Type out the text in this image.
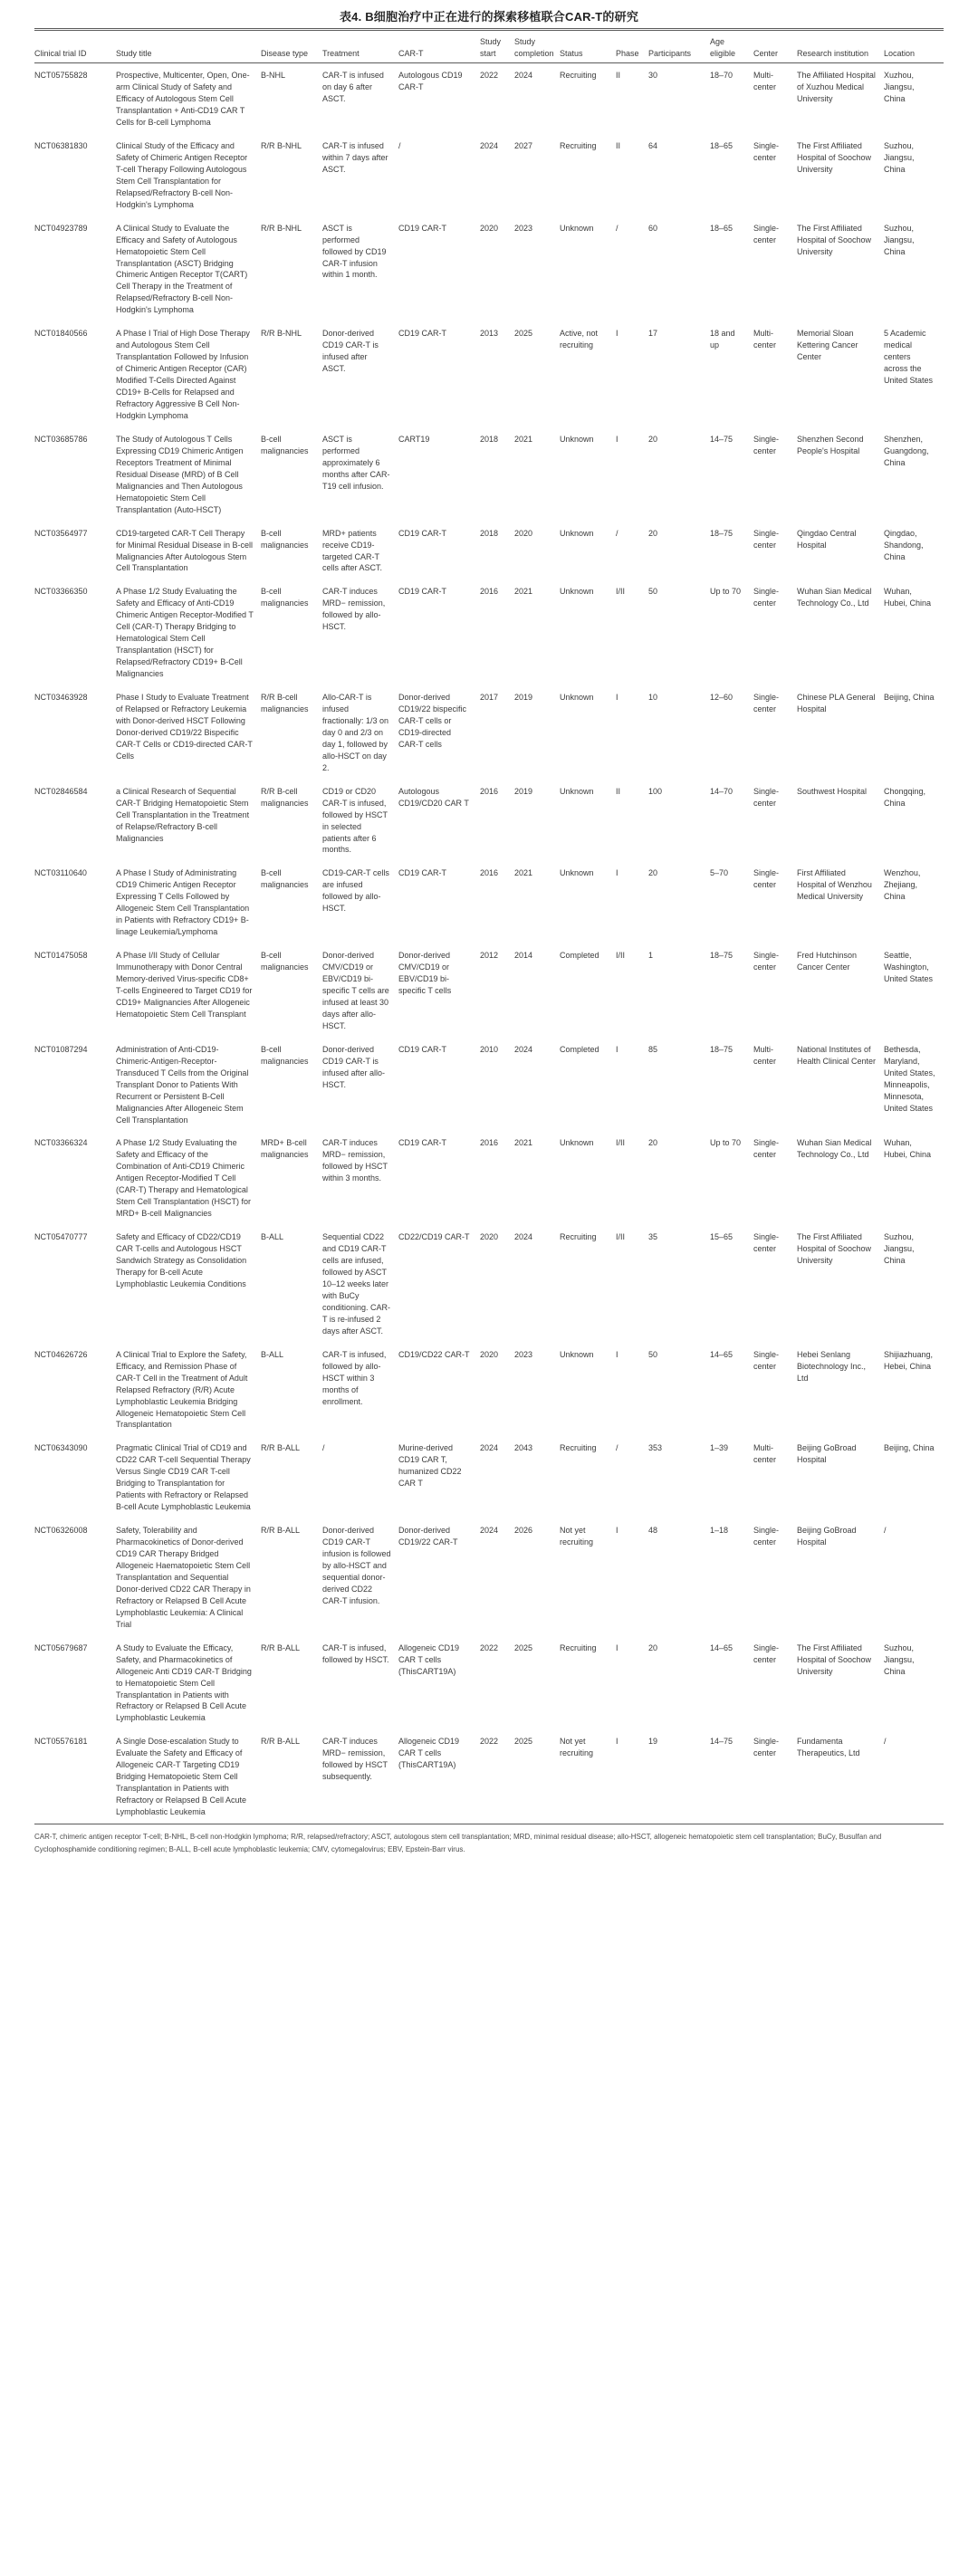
表4. B细胞治疗中正在进行的探索移植联合CAR-T的研究
Clinical trial ID	Study title	Disease type	Treatment	CAR-T	Study start	Study completion	Status	Phase	Participants	Age eligible	Center	Research institution	Location
NCT05755828	Prospective, Multicenter, Open, One-arm Clinical Study of Safety and Efficacy of Autologous Stem Cell Transplantation + Anti-CD19 CAR T Cells for B-cell Lymphoma	B-NHL	CAR-T is infused on day 6 after ASCT.	Autologous CD19 CAR-T	2022	2024	Recruiting	II	30	18–70	Multi-center	The Affiliated Hospital of Xuzhou Medical University	Xuzhou, Jiangsu, China
NCT06381830	Clinical Study of the Efficacy and Safety of Chimeric Antigen Receptor T-cell Therapy Following Autologous Stem Cell Transplantation for Relapsed/Refractory B-cell Non-Hodgkin's Lymphoma	R/R B-NHL	CAR-T is infused within 7 days after ASCT.	/	2024	2027	Recruiting	II	64	18–65	Single-center	The First Affiliated Hospital of Soochow University	Suzhou, Jiangsu, China
NCT04923789	A Clinical Study to Evaluate the Efficacy and Safety of Autologous Hematopoietic Stem Cell Transplantation (ASCT) Bridging Chimeric Antigen Receptor T(CART) Cell Therapy in the Treatment of Relapsed/Refractory B-cell Non-Hodgkin's Lymphoma	R/R B-NHL	ASCT is performed followed by CD19 CAR-T infusion within 1 month.	CD19 CAR-T	2020	2023	Unknown	/	60	18–65	Single-center	The First Affiliated Hospital of Soochow University	Suzhou, Jiangsu, China
NCT01840566	A Phase I Trial of High Dose Therapy and Autologous Stem Cell Transplantation Followed by Infusion of Chimeric Antigen Receptor (CAR) Modified T-Cells Directed Against CD19+ B-Cells for Relapsed and Refractory Aggressive B Cell Non-Hodgkin Lymphoma	R/R B-NHL	Donor-derived CD19 CAR-T is infused after ASCT.	CD19 CAR-T	2013	2025	Active, not recruiting	I	17	18 and up	Multi-center	Memorial Sloan Kettering Cancer Center	5 Academic medical centers across the United States
NCT03685786	The Study of Autologous T Cells Expressing CD19 Chimeric Antigen Receptors Treatment of Minimal Residual Disease (MRD) of B Cell Malignancies and Then Autologous Hematopoietic Stem Cell Transplantation (Auto-HSCT)	B-cell malignancies	ASCT is performed approximately 6 months after CAR-T19 cell infusion.	CART19	2018	2021	Unknown	I	20	14–75	Single-center	Shenzhen Second People's Hospital	Shenzhen, Guangdong, China
NCT03564977	CD19-targeted CAR-T Cell Therapy for Minimal Residual Disease in B-cell Malignancies After Autologous Stem Cell Transplantation	B-cell malignancies	MRD+ patients receive CD19-targeted CAR-T cells after ASCT.	CD19 CAR-T	2018	2020	Unknown	/	20	18–75	Single-center	Qingdao Central Hospital	Qingdao, Shandong, China
NCT03366350	A Phase 1/2 Study Evaluating the Safety and Efficacy of Anti-CD19 Chimeric Antigen Receptor-Modified T Cell (CAR-T) Therapy Bridging to Hematological Stem Cell Transplantation (HSCT) for Relapsed/Refractory CD19+ B-Cell Malignancies	B-cell malignancies	CAR-T induces MRD− remission, followed by allo-HSCT.	CD19 CAR-T	2016	2021	Unknown	I/II	50	Up to 70	Single-center	Wuhan Sian Medical Technology Co., Ltd	Wuhan, Hubei, China
NCT03463928	Phase I Study to Evaluate Treatment of Relapsed or Refractory Leukemia with Donor-derived HSCT Following Donor-derived CD19/22 Bispecific CAR-T Cells or CD19-directed CAR-T Cells	R/R B-cell malignancies	Allo-CAR-T is infused fractionally: 1/3 on day 0 and 2/3 on day 1, followed by allo-HSCT on day 2.	Donor-derived CD19/22 bispecific CAR-T cells or CD19-directed CAR-T cells	2017	2019	Unknown	I	10	12–60	Single-center	Chinese PLA General Hospital	Beijing, China
NCT02846584	a Clinical Research of Sequential CAR-T Bridging Hematopoietic Stem Cell Transplantation in the Treatment of Relapse/Refractory B-cell Malignancies	R/R B-cell malignancies	CD19 or CD20 CAR-T is infused, followed by HSCT in selected patients after 6 months.	Autologous CD19/CD20 CAR T	2016	2019	Unknown	II	100	14–70	Single-center	Southwest Hospital	Chongqing, China
NCT03110640	A Phase I Study of Administrating CD19 Chimeric Antigen Receptor Expressing T Cells Followed by Allogeneic Stem Cell Transplantation in Patients with Refractory CD19+ B-linage Leukemia/Lymphoma	B-cell malignancies	CD19-CAR-T cells are infused followed by allo-HSCT.	CD19 CAR-T	2016	2021	Unknown	I	20	5–70	Single-center	First Affiliated Hospital of Wenzhou Medical University	Wenzhou, Zhejiang, China
NCT01475058	A Phase I/II Study of Cellular Immunotherapy with Donor Central Memory-derived Virus-specific CD8+ T-cells Engineered to Target CD19 for CD19+ Malignancies After Allogeneic Hematopoietic Stem Cell Transplant	B-cell malignancies	Donor-derived CMV/CD19 or EBV/CD19 bi-specific T cells are infused at least 30 days after allo-HSCT.	Donor-derived CMV/CD19 or EBV/CD19 bi-specific T cells	2012	2014	Completed	I/II	1	18–75	Single-center	Fred Hutchinson Cancer Center	Seattle, Washington, United States
NCT01087294	Administration of Anti-CD19-Chimeric-Antigen-Receptor-Transduced T Cells from the Original Transplant Donor to Patients With Recurrent or Persistent B-Cell Malignancies After Allogeneic Stem Cell Transplantation	B-cell malignancies	Donor-derived CD19 CAR-T is infused after allo-HSCT.	CD19 CAR-T	2010	2024	Completed	I	85	18–75	Multi-center	National Institutes of Health Clinical Center	Bethesda, Maryland, United States, Minneapolis, Minnesota, United States
NCT03366324	A Phase 1/2 Study Evaluating the Safety and Efficacy of the Combination of Anti-CD19 Chimeric Antigen Receptor-Modified T Cell (CAR-T) Therapy and Hematological Stem Cell Transplantation (HSCT) for MRD+ B-cell Malignancies	MRD+ B-cell malignancies	CAR-T induces MRD− remission, followed by HSCT within 3 months.	CD19 CAR-T	2016	2021	Unknown	I/II	20	Up to 70	Single-center	Wuhan Sian Medical Technology Co., Ltd	Wuhan, Hubei, China
NCT05470777	Safety and Efficacy of CD22/CD19 CAR T-cells and Autologous HSCT Sandwich Strategy as Consolidation Therapy for B-cell Acute Lymphoblastic Leukemia Conditions	B-ALL	Sequential CD22 and CD19 CAR-T cells are infused, followed by ASCT 10–12 weeks later with BuCy conditioning. CAR-T is re-infused 2 days after ASCT.	CD22/CD19 CAR-T	2020	2024	Recruiting	I/II	35	15–65	Single-center	The First Affiliated Hospital of Soochow University	Suzhou, Jiangsu, China
NCT04626726	A Clinical Trial to Explore the Safety, Efficacy, and Remission Phase of CAR-T Cell in the Treatment of Adult Relapsed Refractory (R/R) Acute Lymphoblastic Leukemia Bridging Allogeneic Hematopoietic Stem Cell Transplantation	B-ALL	CAR-T is infused, followed by allo-HSCT within 3 months of enrollment.	CD19/CD22 CAR-T	2020	2023	Unknown	I	50	14–65	Single-center	Hebei Senlang Biotechnology Inc., Ltd	Shijiazhuang, Hebei, China
NCT06343090	Pragmatic Clinical Trial of CD19 and CD22 CAR T-cell Sequential Therapy Versus Single CD19 CAR T-cell Bridging to Transplantation for Patients with Refractory or Relapsed B-cell Acute Lymphoblastic Leukemia	R/R B-ALL	/	Murine-derived CD19 CAR T, humanized CD22 CAR T	2024	2043	Recruiting	/	353	1–39	Multi-center	Beijing GoBroad Hospital	Beijing, China
NCT06326008	Safety, Tolerability and Pharmacokinetics of Donor-derived CD19 CAR Therapy Bridged Allogeneic Haematopoietic Stem Cell Transplantation and Sequential Donor-derived CD22 CAR Therapy in Refractory or Relapsed B Cell Acute Lymphoblastic Leukemia: A Clinical Trial	R/R B-ALL	Donor-derived CD19 CAR-T infusion is followed by allo-HSCT and sequential donor-derived CD22 CAR-T infusion.	Donor-derived CD19/22 CAR-T	2024	2026	Not yet recruiting	I	48	1–18	Single-center	Beijing GoBroad Hospital	/
NCT05679687	A Study to Evaluate the Efficacy, Safety, and Pharmacokinetics of Allogeneic Anti CD19 CAR-T Bridging to Hematopoietic Stem Cell Transplantation in Patients with Refractory or Relapsed B Cell Acute Lymphoblastic Leukemia	R/R B-ALL	CAR-T is infused, followed by HSCT.	Allogeneic CD19 CAR T cells (ThisCART19A)	2022	2025	Recruiting	I	20	14–65	Single-center	The First Affiliated Hospital of Soochow University	Suzhou, Jiangsu, China
NCT05576181	A Single Dose-escalation Study to Evaluate the Safety and Efficacy of Allogeneic CAR-T Targeting CD19 Bridging Hematopoietic Stem Cell Transplantation in Patients with Refractory or Relapsed B Cell Acute Lymphoblastic Leukemia	R/R B-ALL	CAR-T induces MRD− remission, followed by HSCT subsequently.	Allogeneic CD19 CAR T cells (ThisCART19A)	2022	2025	Not yet recruiting	I	19	14–75	Single-center	Fundamenta Therapeutics, Ltd	/
CAR-T, chimeric antigen receptor T-cell; B-NHL, B-cell non-Hodgkin lymphoma; R/R, relapsed/refractory; ASCT, autologous stem cell transplantation; MRD, minimal residual disease; allo-HSCT, allogeneic hematopoietic stem cell transplantation; BuCy, Busulfan and Cyclophosphamide conditioning regimen; B-ALL, B-cell acute lymphoblastic leukemia; CMV, cytomegalovirus; EBV, Epstein-Barr virus.
